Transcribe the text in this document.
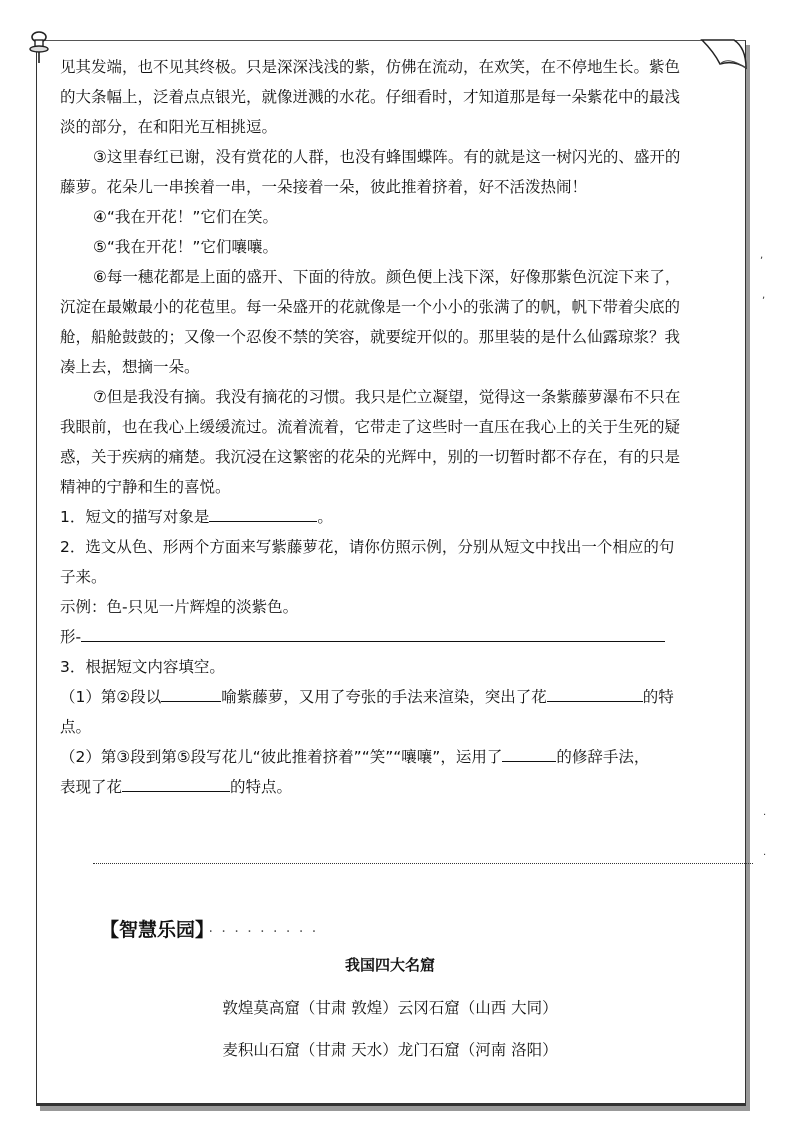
见其发端，也不见其终极。只是深深浅浅的紫，仿佛在流动，在欢笑，在不停地生长。紫色
的大条幅上，泛着点点银光，就像迸溅的水花。仔细看时，才知道那是每一朵紫花中的最浅
淡的部分，在和阳光互相挑逗。
③这里春红已谢，没有赏花的人群，也没有蜂围蝶阵。有的就是这一树闪光的、盛开的
藤萝。花朵儿一串挨着一串，一朵接着一朵，彼此推着挤着，好不活泼热闹！
④“我在开花！”它们在笑。
⑤“我在开花！”它们嚷嚷。
⑥每一穗花都是上面的盛开、下面的待放。颜色便上浅下深，好像那紫色沉淀下来了，
沉淀在最嫩最小的花苞里。每一朵盛开的花就像是一个小小的张满了的帆，帆下带着尖底的
舱，船舱鼓鼓的；又像一个忍俊不禁的笑容，就要绽开似的。那里装的是什么仙露琼浆？我
凑上去，想摘一朵。
⑦但是我没有摘。我没有摘花的习惯。我只是伫立凝望，觉得这一条紫藤萝瀑布不只在
我眼前，也在我心上缓缓流过。流着流着，它带走了这些时一直压在我心上的关于生死的疑
惑，关于疾病的痛楚。我沉浸在这繁密的花朵的光辉中，别的一切暂时都不存在，有的只是
精神的宁静和生的喜悦。
1．短文的描写对象是	。
2．选文从色、形两个方面来写紫藤萝花，请你仿照示例，分别从短文中找出一个相应的句
子来。
示例：色-只见一片辉煌的淡紫色。
形-
3．根据短文内容填空。
（1）第②段以	喻紫藤萝，又用了夸张的手法来渲染，突出了花	的特
点。
（2）第③段到第⑤段写花儿“彼此推着挤着”“笑”“嚷嚷”，运用了	的修辞手法，
表现了花	的特点。
【智慧乐园】 · · · · · · · · ·
我国四大名窟
敦煌莫高窟（甘肃 敦煌）云冈石窟（山西 大同）
麦积山石窟（甘肃 天水）龙门石窟（河南 洛阳）
,
,
·
·
